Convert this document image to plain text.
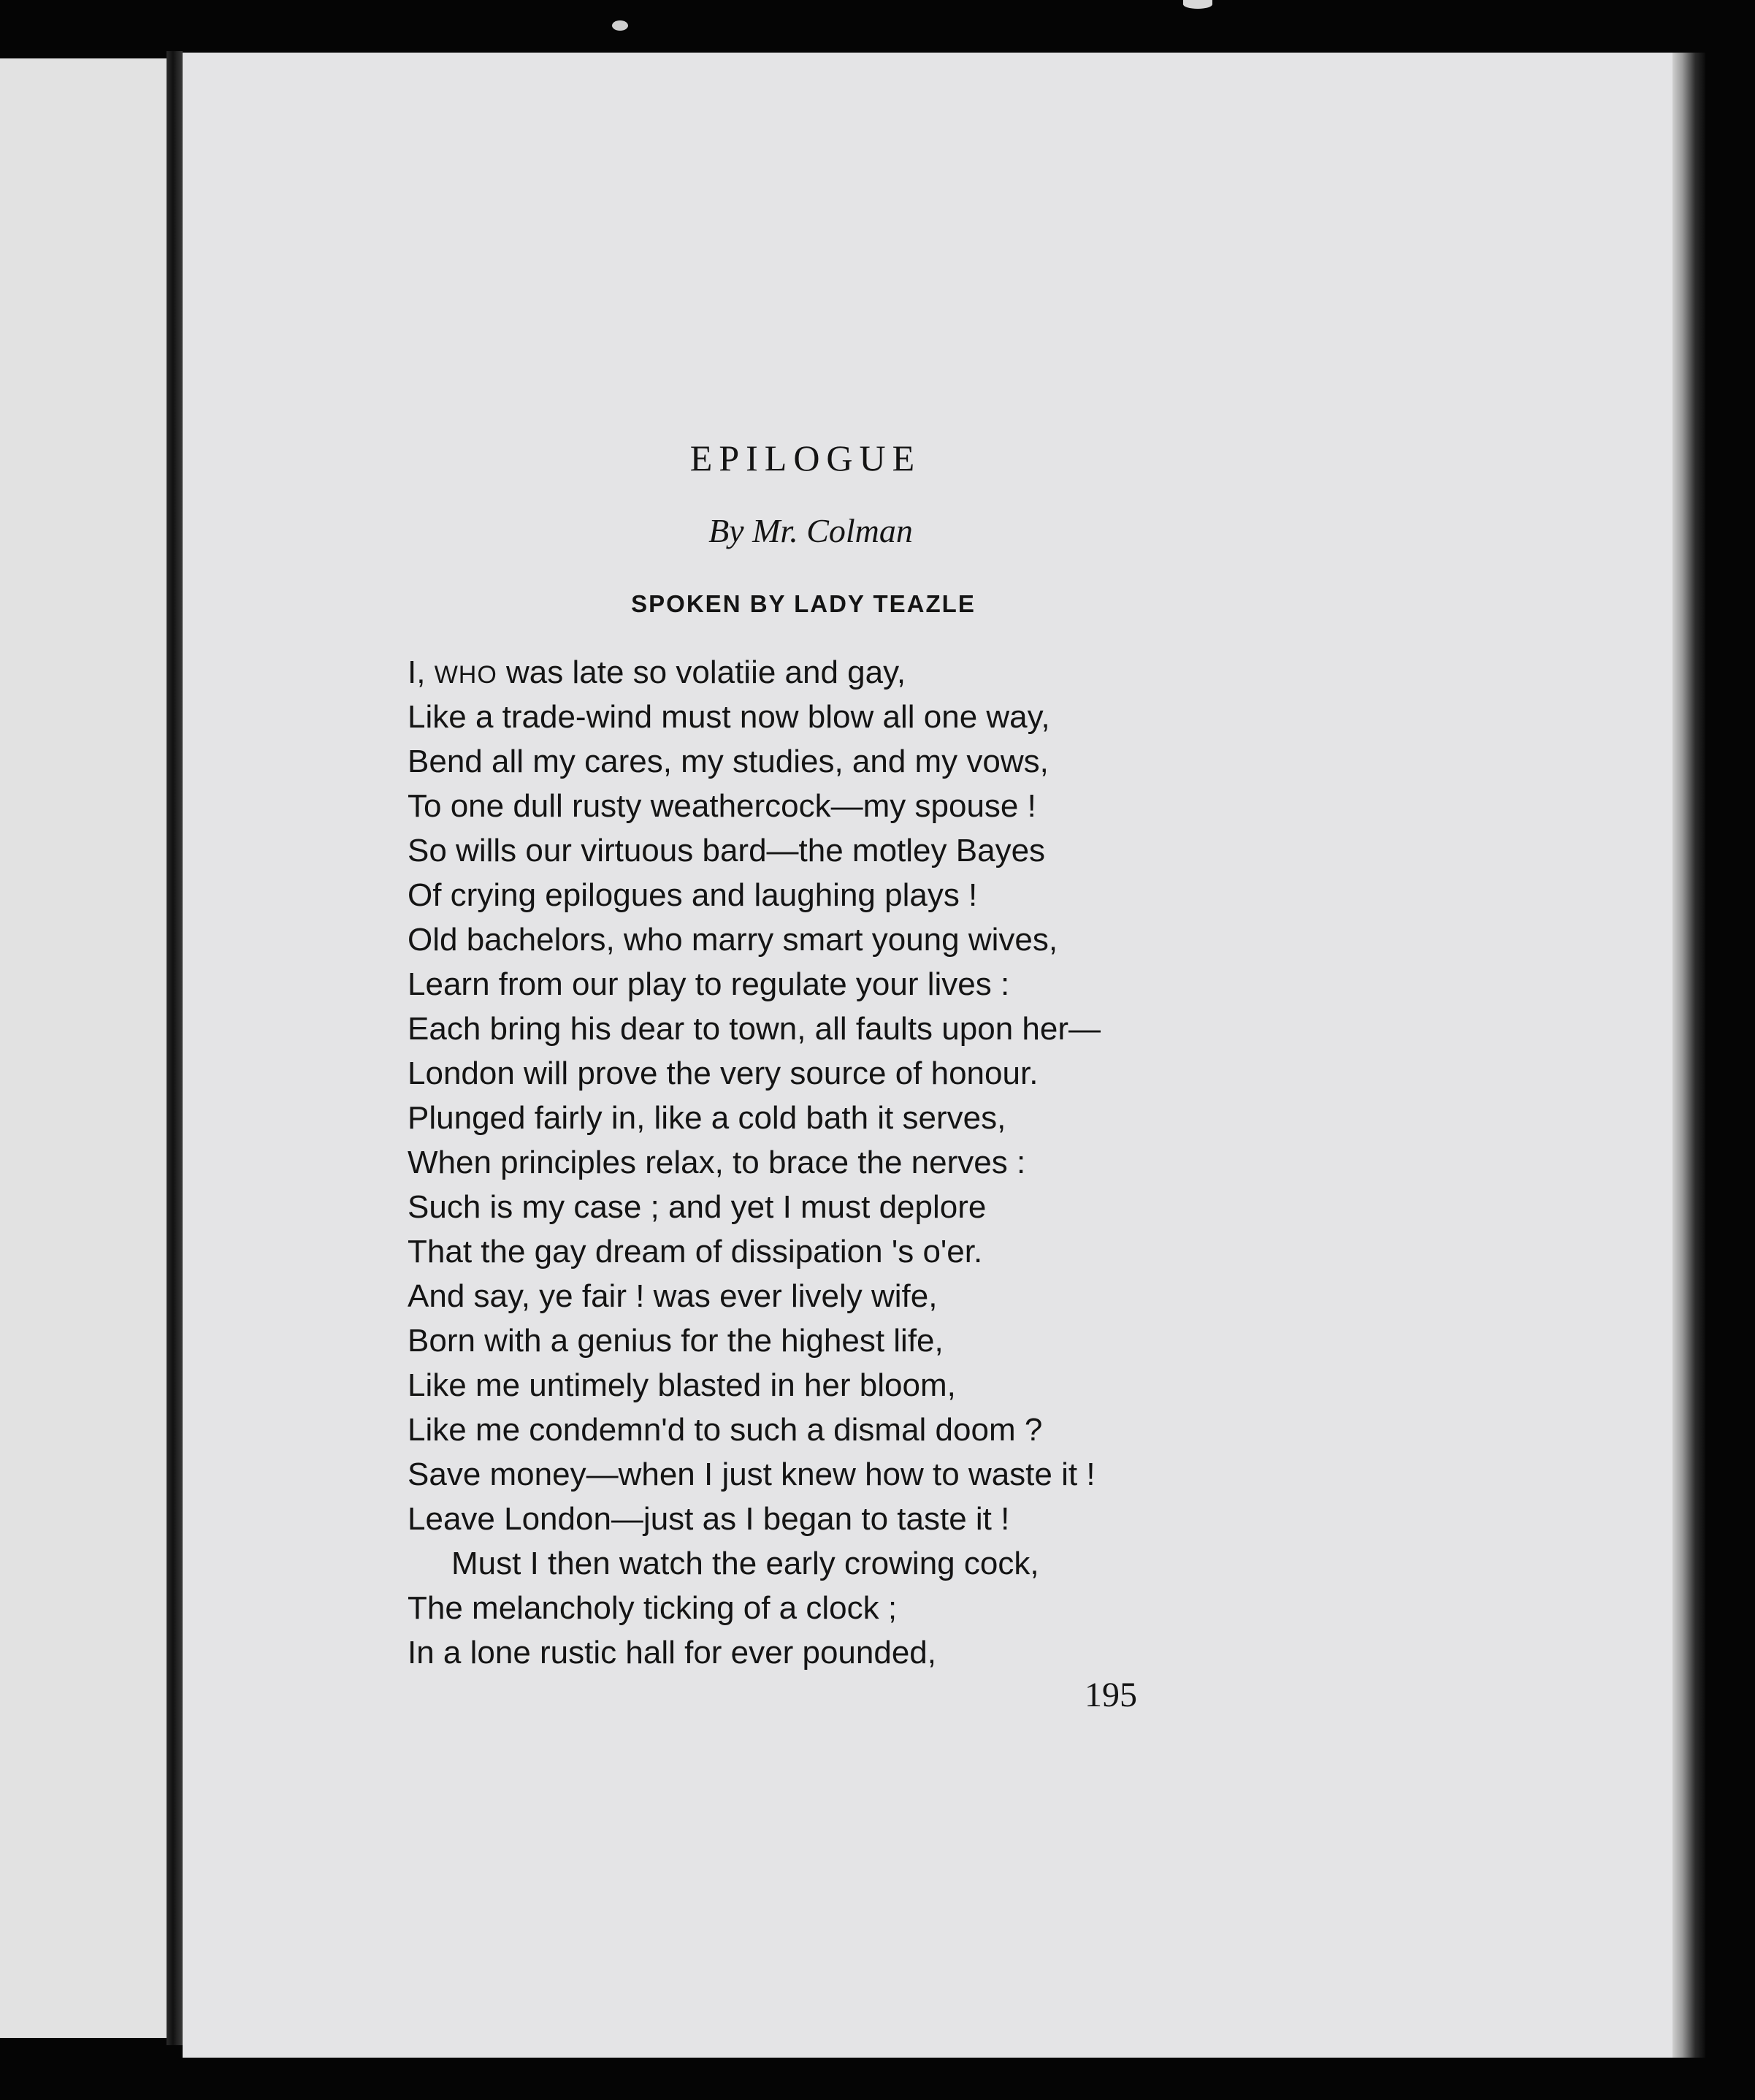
EPILOGUE

By Mr. Colman

SPOKEN BY LADY TEAZLE

I, WHO was late so volatiie and gay,
Like a trade-wind must now blow all one way,
Bend all my cares, my studies, and my vows,
To one dull rusty weathercock—my spouse !
So wills our virtuous bard—the motley Bayes
Of crying epilogues and laughing plays !
Old bachelors, who marry smart young wives,
Learn from our play to regulate your lives :
Each bring his dear to town, all faults upon her—
London will prove the very source of honour.
Plunged fairly in, like a cold bath it serves,
When principles relax, to brace the nerves :
Such is my case ; and yet I must deplore
That the gay dream of dissipation 's o'er.
And say, ye fair ! was ever lively wife,
Born with a genius for the highest life,
Like me untimely blasted in her bloom,
Like me condemn'd to such a dismal doom ?
Save money—when I just knew how to waste it !
Leave London—just as I began to taste it !
Must I then watch the early crowing cock,
The melancholy ticking of a clock ;
In a lone rustic hall for ever pounded,

195
